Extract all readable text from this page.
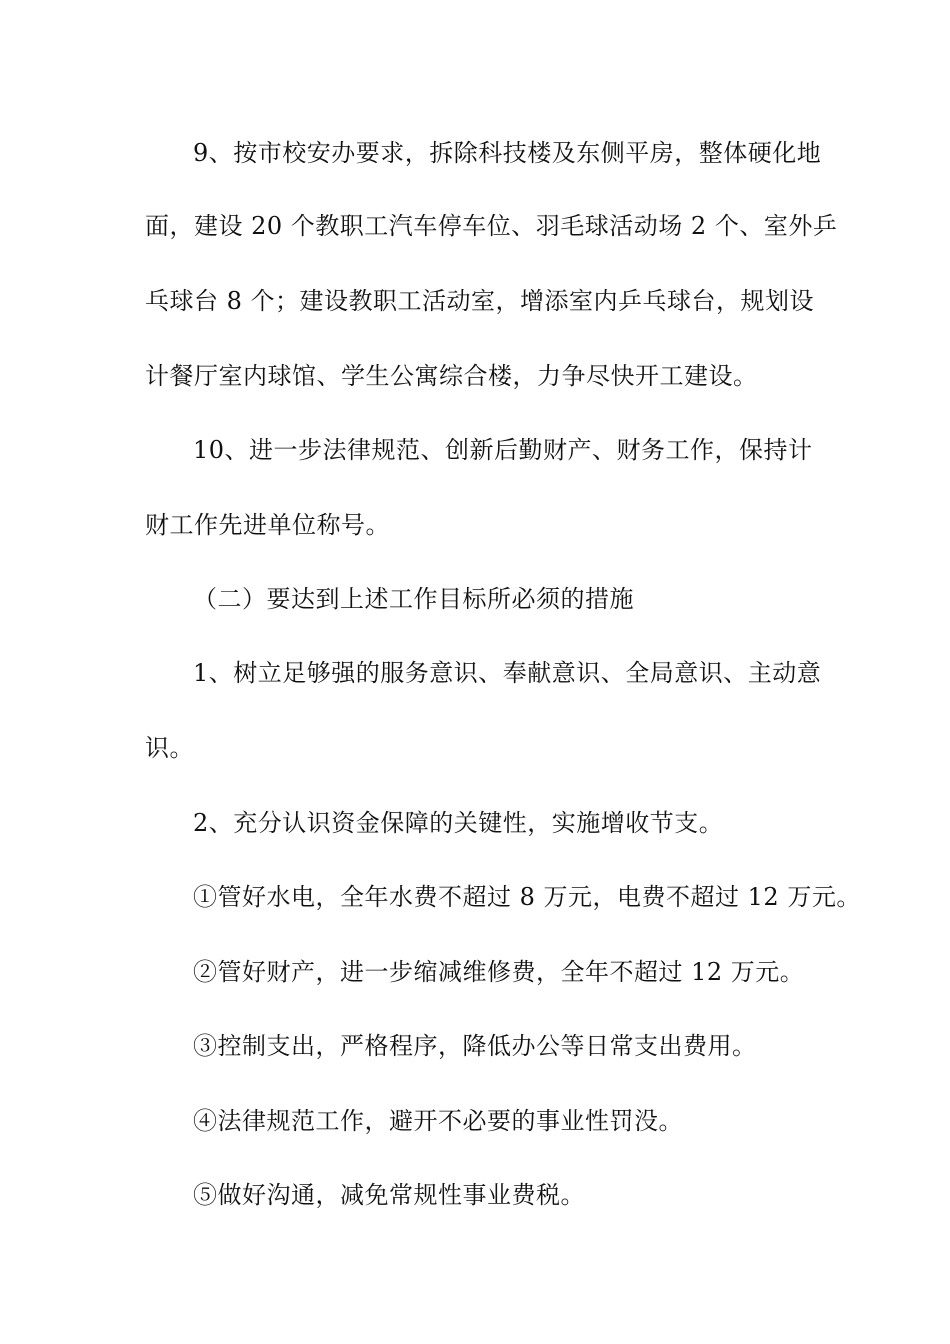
9、按市校安办要求，拆除科技楼及东侧平房，整体硬化地
面，建设 20 个教职工汽车停车位、羽毛球活动场 2 个、室外乒
乓球台 8 个；建设教职工活动室，增添室内乒乓球台，规划设
计餐厅室内球馆、学生公寓综合楼，力争尽快开工建设。
10、进一步法律规范、创新后勤财产、财务工作，保持计
财工作先进单位称号。
（二）要达到上述工作目标所必须的措施
1、树立足够强的服务意识、奉献意识、全局意识、主动意
识。
2、充分认识资金保障的关键性，实施增收节支。
①管好水电，全年水费不超过 8 万元，电费不超过 12 万元。
②管好财产，进一步缩减维修费，全年不超过 12 万元。
③控制支出，严格程序，降低办公等日常支出费用。
④法律规范工作，避开不必要的事业性罚没。
⑤做好沟通，减免常规性事业费税。
